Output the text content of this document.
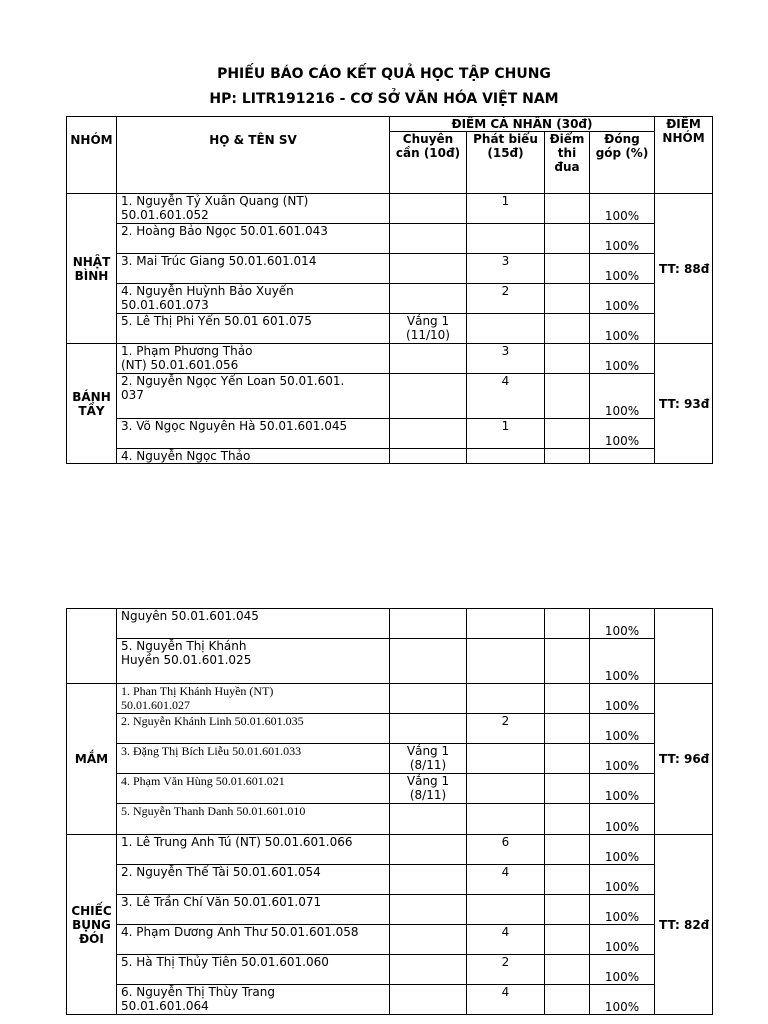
PHIẾU BÁO CÁO KẾT QUẢ HỌC TẬP CHUNG
HP: LITR191216 - CƠ SỞ VĂN HÓA VIỆT NAM
NHÓM	HỌ & TÊN SV	ĐIỂM CÁ NHÂN (30đ)				ĐIỂM NHÓM
		Chuyên cần (10đ)	Phát biểu (15đ)	Điểm thi đua	Đóng góp (%)	
NHẬT BÌNH	1. Nguyễn Tỷ Xuân Quang (NT)
50.01.601.052		1		100%	TT: 88đ

	2. Hoàng Bảo Ngọc 50.01.601.043				100%	

	3. Mai Trúc Giang 50.01.601.014		3		100%	

	4. Nguyễn Huỳnh Bảo Xuyến
50.01.601.073		2		100%	

	5. Lê Thị Phi Yến 50.01 601.075	Vắng 1 (11/10)			100%	
BÁNH TẦY	1. Phạm Phương Thảo
(NT) 50.01.601.056		3		100%	TT: 93đ

	2. Nguyễn Ngọc Yến Loan 50.01.601.
037		4		100%	

	3. Võ Ngọc Nguyên Hà 50.01.601.045		1		100%	

	4. Nguyễn Ngọc Thảo					

	Nguyên 50.01.601.045				100%	

	5. Nguyễn Thị Khánh
Huyền 50.01.601.025				100%	
MẮM	1. Phan Thị Khánh Huyền (NT)
50.01.601.027				100%	TT: 96đ

	2. Nguyễn Khánh Linh 50.01.601.035		2		100%	

	3. Đặng Thị Bích Liễu 50.01.601.033	Vắng 1 (8/11)			100%	

	4. Phạm Văn Hùng 50.01.601.021	Vắng 1 (8/11)			100%	

	5. Nguyễn Thanh Danh 50.01.601.010				100%	
CHIẾC BỤNG ĐÓI	1. Lê Trung Anh Tú (NT) 50.01.601.066		6		100%	TT: 82đ

	2. Nguyễn Thế Tài 50.01.601.054		4		100%	

	3. Lê Trần Chí Văn 50.01.601.071				100%	

	4. Phạm Dương Anh Thư 50.01.601.058		4		100%	

	5. Hà Thị Thủy Tiên 50.01.601.060		2		100%	

	6. Nguyễn Thị Thùy Trang
50.01.601.064		4		100%	
